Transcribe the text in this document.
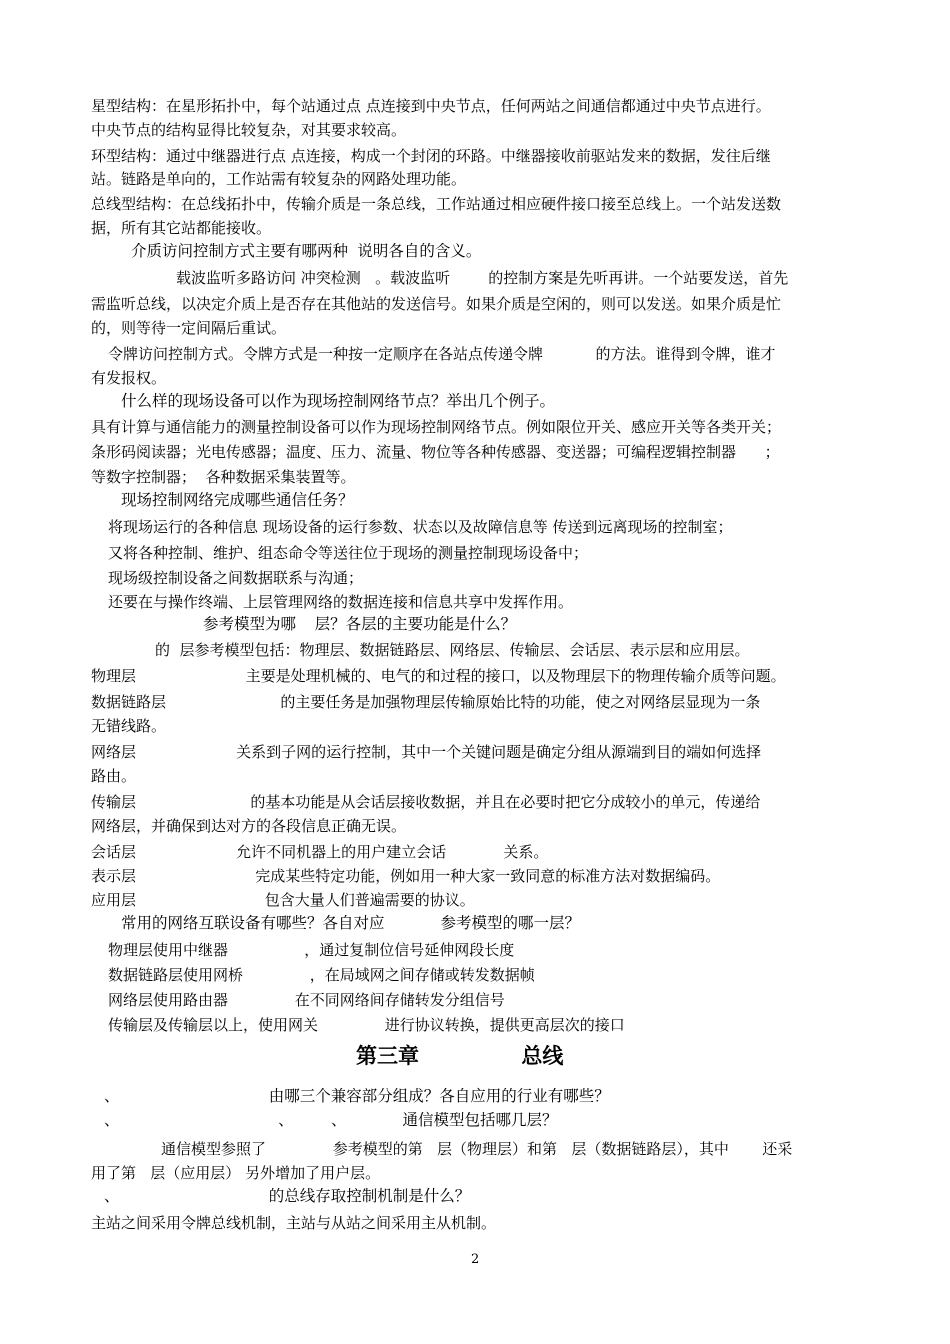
星型结构：在星形拓扑中，每个站通过点 点连接到中央节点，任何两站之间通信都通过中央节点进行。
中央节点的结构显得比较复杂，对其要求较高。
环型结构：通过中继器进行点 点连接，构成一个封闭的环路。中继器接收前驱站发来的数据，发往后继
站。链路是单向的，工作站需有较复杂的网路处理功能。
总线型结构：在总线拓扑中，传输介质是一条总线，工作站通过相应硬件接口接至总线上。一个站发送数
据，所有其它站都能接收。
介质访问控制方式主要有哪两种 说明各自的含义。
载波监听多路访问 冲突检测   。载波监听        的控制方案是先听再讲。一个站要发送，首先
需监听总线，以决定介质上是否存在其他站的发送信号。如果介质是空闲的，则可以发送。如果介质是忙
的，则等待一定间隔后重试。
令牌访问控制方式。令牌方式是一种按一定顺序在各站点传递令牌           的方法。谁得到令牌，谁才
有发报权。
什么样的现场设备可以作为现场控制网络节点？举出几个例子。
具有计算与通信能力的测量控制设备可以作为现场控制网络节点。例如限位开关、感应开关等各类开关；
条形码阅读器；光电传感器；温度、压力、流量、物位等各种传感器、变送器；可编程逻辑控制器      ；
等数字控制器；  各种数据采集装置等。
现场控制网络完成哪些通信任务？
将现场运行的各种信息 现场设备的运行参数、状态以及故障信息等 传送到远离现场的控制室；
又将各种控制、维护、组态命令等送往位于现场的测量控制现场设备中；
现场级控制设备之间数据联系与沟通；
还要在与操作终端、上层管理网络的数据连接和信息共享中发挥作用。
参考模型为哪  层？各层的主要功能是什么？
的  层参考模型包括：物理层、数据链路层、网络层、传输层、会话层、表示层和应用层。
物理层                       主要是处理机械的、电气的和过程的接口，以及物理层下的物理传输介质等问题。
数据链路层                        的主要任务是加强物理层传输原始比特的功能，使之对网络层显现为一条
无错线路。
网络层                     关系到子网的运行控制，其中一个关键问题是确定分组从源端到目的端如何选择
路由。
传输层                        的基本功能是从会话层接收数据，并且在必要时把它分成较小的单元，传递给
网络层，并确保到达对方的各段信息正确无误。
会话层                     允许不同机器上的用户建立会话            关系。
表示层                         完成某些特定功能，例如用一种大家一致同意的标准方法对数据编码。
应用层                           包含大量人们普遍需要的协议。
常用的网络互联设备有哪些？各自对应      参考模型的哪一层？
物理层使用中继器                ，通过复制位信号延伸网段长度
数据链路层使用网桥              ，在局域网之间存储或转发数据帧
网络层使用路由器              在不同网络间存储转发分组信号
传输层及传输层以上，使用网关              进行协议转换，提供更高层次的接口
第三章              总线
、                由哪三个兼容部分组成？各自应用的行业有哪些？
、                 、    、      通信模型包括哪几层？
通信模型参照了              参考模型的第   层（物理层）和第   层（数据链路层），其中       还采
用了第   层（应用层） 另外增加了用户层。
、                的总线存取控制机制是什么？
主站之间采用令牌总线机制，主站与从站之间采用主从机制。
2
